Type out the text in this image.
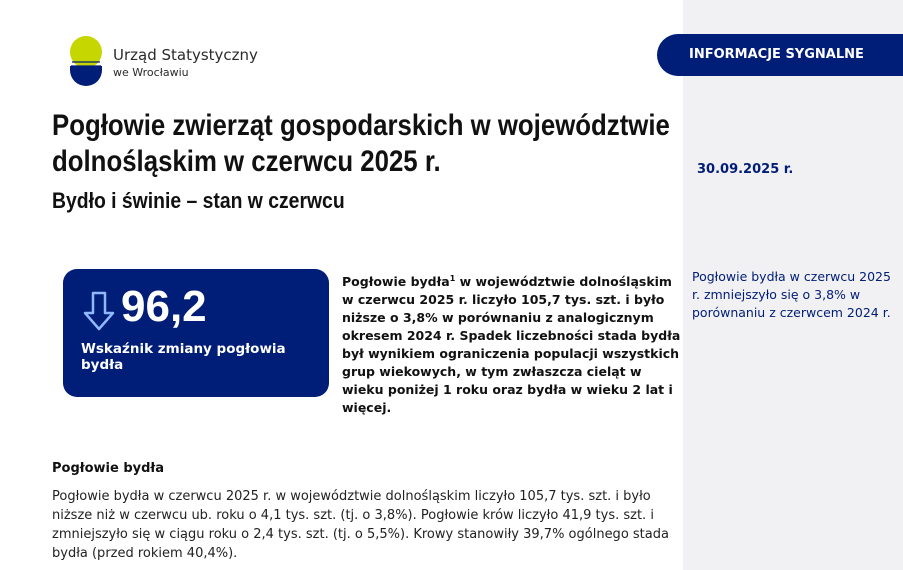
INFORMACJE SYGNALNE
30.09.2025 r.
Pogłowie bydła w czerwcu 2025 r. zmniejszyło się o 3,8% w porównaniu z czerwcem 2024 r.
Urząd Statystyczny
we Wrocławiu
Pogłowie zwierząt gospodarskich w województwie
dolnośląskim w czerwcu 2025 r.
Bydło i świnie – stan w czerwcu
96,2
Wskaźnik zmiany pogłowia bydła

Pogłowie bydła$^1$ w województwie dolnośląskim w czerwcu 2025 r. liczyło 105,7 tys. szt. i było niższe o 3,8% w porównaniu z analogicznym okresem 2024 r. Spadek liczebności stada bydła był wynikiem ograniczenia populacji wszystkich grup wiekowych, w tym zwłaszcza cieląt w wieku poniżej 1 roku oraz bydła w wieku 2 lat i więcej.

Pogłowie bydła

Pogłowie bydła w czerwcu 2025 r. w województwie dolnośląskim liczyło 105,7 tys. szt. i było niższe niż w czerwcu ub. roku o 4,1 tys. szt. (tj. o 3,8%). Pogłowie krów liczyło 41,9 tys. szt. i zmniejszyło się w ciągu roku o 2,4 tys. szt. (tj. o 5,5%). Krowy stanowiły 39,7% ogólnego stada bydła (przed rokiem 40,4%).
